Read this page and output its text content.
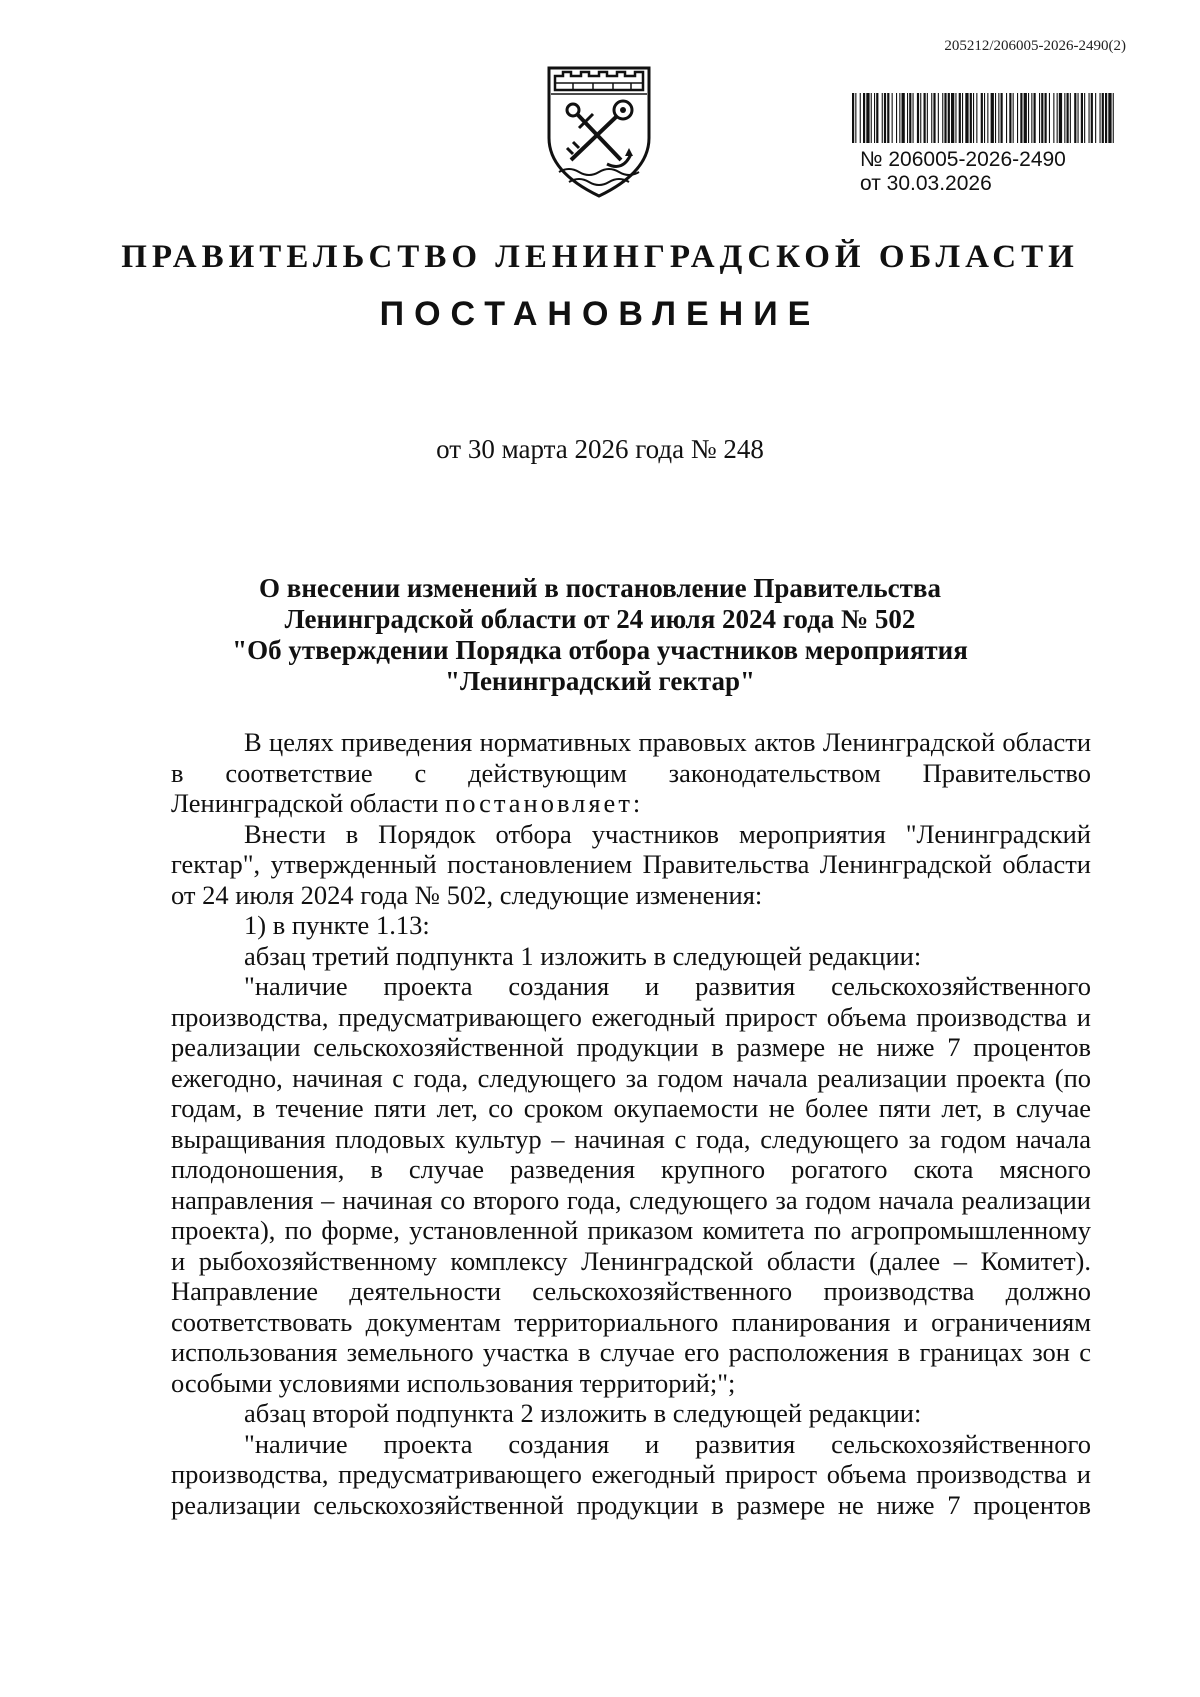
205212/206005-2026-2490(2)
№ 206005-2026-2490
от 30.03.2026
ПРАВИТЕЛЬСТВО ЛЕНИНГРАДСКОЙ ОБЛАСТИ
ПОСТАНОВЛЕНИЕ
от 30 марта 2026 года № 248
О внесении изменений в постановление Правительства
Ленинградской области от 24 июля 2024 года № 502
"Об утверждении Порядка отбора участников мероприятия
"Ленинградский гектар"

В целях приведения нормативных правовых актов Ленинградской области в соответствие с действующим законодательством Правительство Ленинградской области постановляет:

Внести в Порядок отбора участников мероприятия "Ленинградский гектар", утвержденный постановлением Правительства Ленинградской области от 24 июля 2024 года № 502, следующие изменения:

1) в пункте 1.13:

абзац третий подпункта 1 изложить в следующей редакции:

"наличие проекта создания и развития сельскохозяйственного производства, предусматривающего ежегодный прирост объема производства и реализации сельскохозяйственной продукции в размере не ниже 7 процентов ежегодно, начиная с года, следующего за годом начала реализации проекта (по годам, в течение пяти лет, со сроком окупаемости не более пяти лет, в случае выращивания плодовых культур – начиная с года, следующего за годом начала плодоношения, в случае разведения крупного рогатого скота мясного направления – начиная со второго года, следующего за годом начала реализации проекта), по форме, установленной приказом комитета по агропромышленному и рыбохозяйственному комплексу Ленинградской области (далее – Комитет). Направление деятельности сельскохозяйственного производства должно соответствовать документам территориального планирования и ограничениям использования земельного участка в случае его расположения в границах зон с особыми условиями использования территорий;";

абзац второй подпункта 2 изложить в следующей редакции:

"наличие проекта создания и развития сельскохозяйственного производства, предусматривающего ежегодный прирост объема производства и реализации сельскохозяйственной продукции в размере не ниже 7 процентов
